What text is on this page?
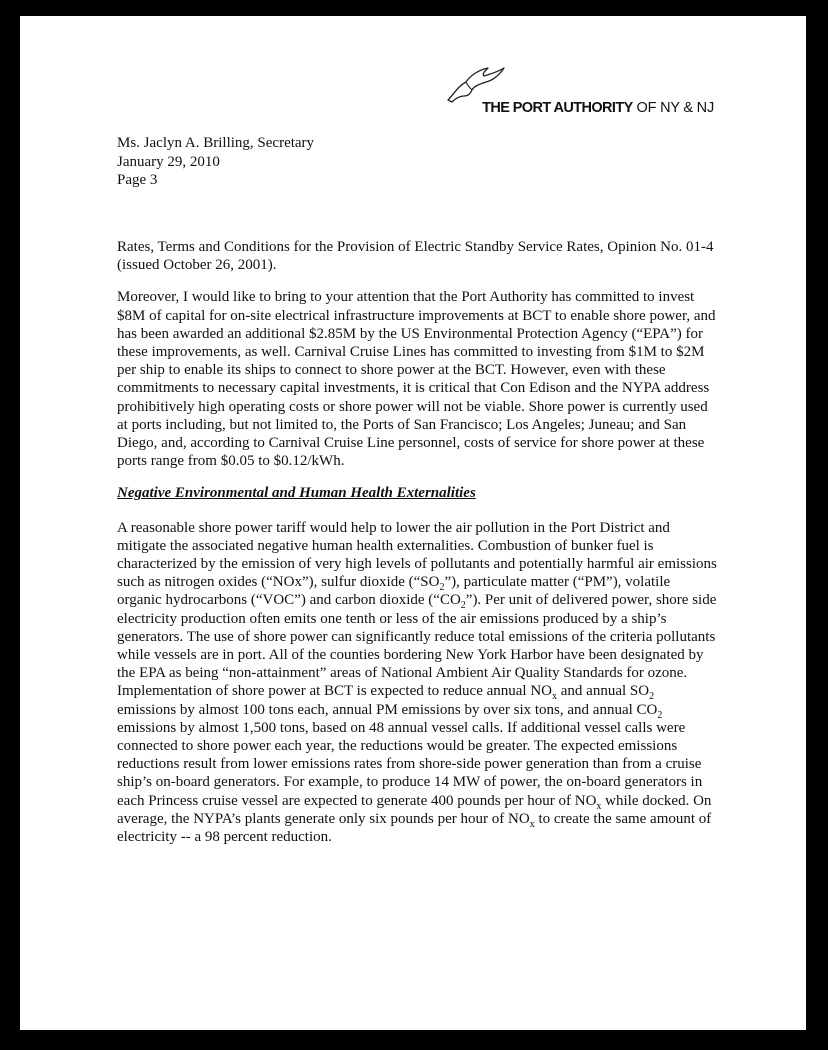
THE PORT AUTHORITY OF NY & NJ
Ms. Jaclyn A. Brilling, Secretary
January 29, 2010
Page 3

Rates, Terms and Conditions for the Provision of Electric Standby Service Rates, Opinion No. 01-4 (issued October 26, 2001).

Moreover, I would like to bring to your attention that the Port Authority has committed to invest $8M of capital for on-site electrical infrastructure improvements at BCT to enable shore power, and has been awarded an additional $2.85M by the US Environmental Protection Agency (“EPA”) for these improvements, as well. Carnival Cruise Lines has committed to investing from $1M to $2M per ship to enable its ships to connect to shore power at the BCT. However, even with these commitments to necessary capital investments, it is critical that Con Edison and the NYPA address prohibitively high operating costs or shore power will not be viable. Shore power is currently used at ports including, but not limited to, the Ports of San Francisco; Los Angeles; Juneau; and San Diego, and, according to Carnival Cruise Line personnel, costs of service for shore power at these ports range from $0.05 to $0.12/kWh.

Negative Environmental and Human Health Externalities

A reasonable shore power tariff would help to lower the air pollution in the Port District and mitigate the associated negative human health externalities. Combustion of bunker fuel is characterized by the emission of very high levels of pollutants and potentially harmful air emissions such as nitrogen oxides (“NOx”), sulfur dioxide $(“SO_2”)$, particulate matter (“PM”), volatile organic hydrocarbons (“VOC”) and carbon dioxide $(“CO_2”)$. Per unit of delivered power, shore side electricity production often emits one tenth or less of the air emissions produced by a ship’s generators. The use of shore power can significantly reduce total emissions of the criteria pollutants while vessels are in port. All of the counties bordering New York Harbor have been designated by the EPA as being “non-attainment” areas of National Ambient Air Quality Standards for ozone. Implementation of shore power at BCT is expected to reduce annual $NO_x$ and annual $SO_2$ emissions by almost 100 tons each, annual PM emissions by over six tons, and annual $CO_2$ emissions by almost 1,500 tons, based on 48 annual vessel calls. If additional vessel calls were connected to shore power each year, the reductions would be greater. The expected emissions reductions result from lower emissions rates from shore-side power generation than from a cruise ship’s on-board generators. For example, to produce 14 MW of power, the on-board generators in each Princess cruise vessel are expected to generate 400 pounds per hour of $NO_x$ while docked. On average, the NYPA’s plants generate only six pounds per hour of $NO_x$ to create the same amount of electricity -- a 98 percent reduction.
